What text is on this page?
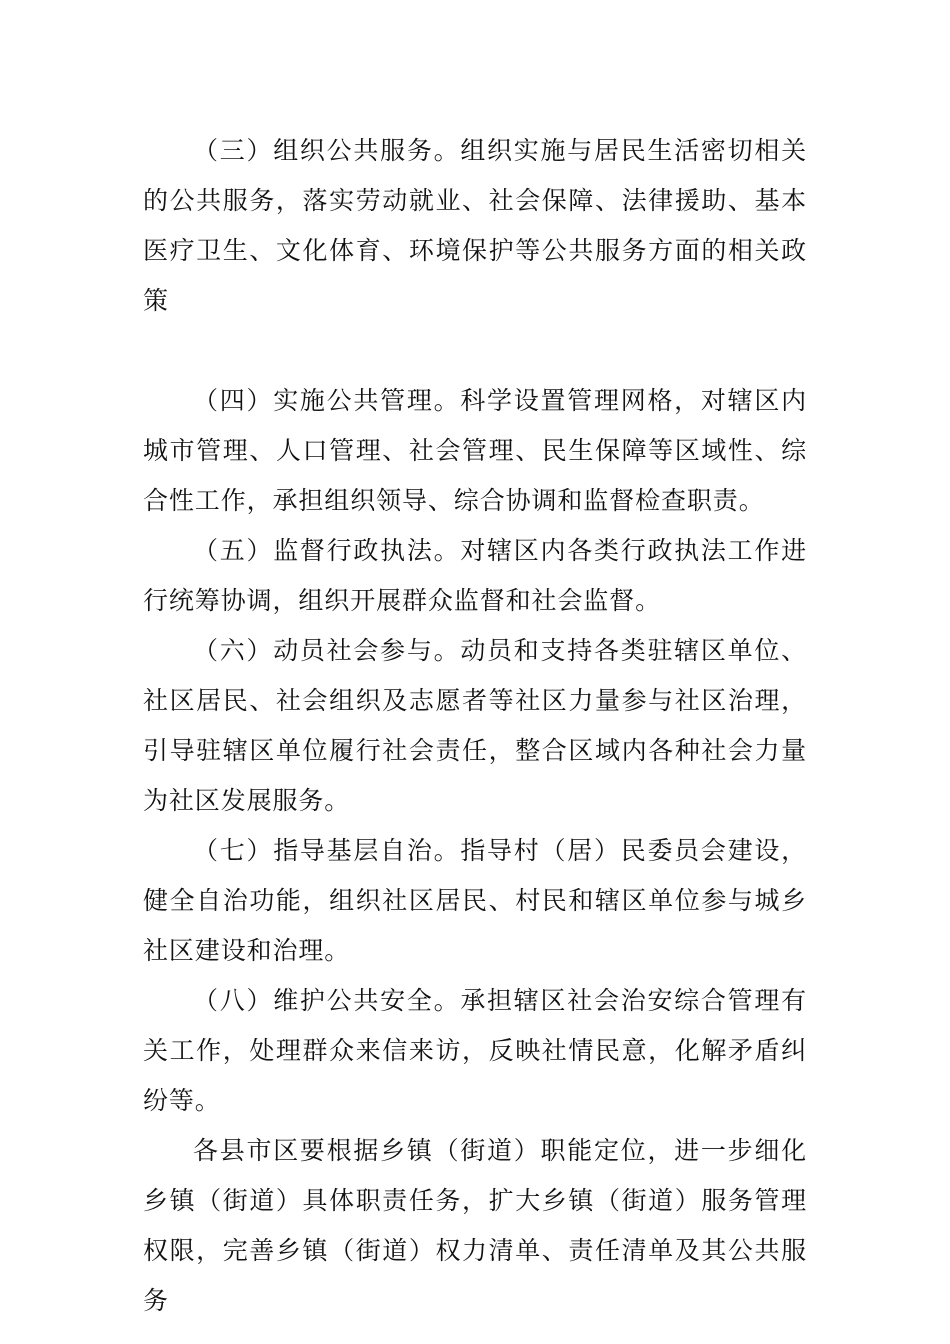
（三）组织公共服务。组织实施与居民生活密切相关的公共服务，落实劳动就业、社会保障、法律援助、基本医疗卫生、文化体育、环境保护等公共服务方面的相关政策

（四）实施公共管理。科学设置管理网格，对辖区内城市管理、人口管理、社会管理、民生保障等区域性、综合性工作，承担组织领导、综合协调和监督检查职责。

（五）监督行政执法。对辖区内各类行政执法工作进行统筹协调，组织开展群众监督和社会监督。

（六）动员社会参与。动员和支持各类驻辖区单位、社区居民、社会组织及志愿者等社区力量参与社区治理，引导驻辖区单位履行社会责任，整合区域内各种社会力量为社区发展服务。

（七）指导基层自治。指导村（居）民委员会建设，健全自治功能，组织社区居民、村民和辖区单位参与城乡社区建设和治理。

（八）维护公共安全。承担辖区社会治安综合管理有关工作，处理群众来信来访，反映社情民意，化解矛盾纠纷等。

各县市区要根据乡镇（街道）职能定位，进一步细化乡镇（街道）具体职责任务，扩大乡镇（街道）服务管理权限，完善乡镇（街道）权力清单、责任清单及其公共服务
